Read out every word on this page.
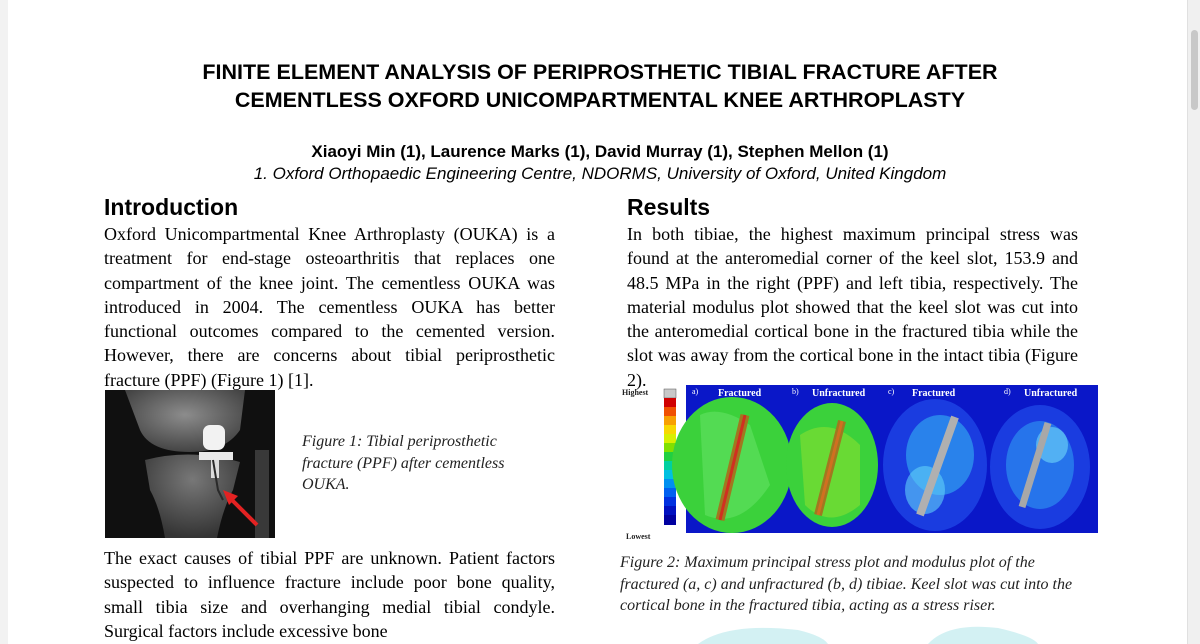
FINITE ELEMENT ANALYSIS OF PERIPROSTHETIC TIBIAL FRACTURE AFTER
CEMENTLESS OXFORD UNICOMPARTMENTAL KNEE ARTHROPLASTY
Xiaoyi Min (1), Laurence Marks (1), David Murray (1), Stephen Mellon (1)
1. Oxford Orthopaedic Engineering Centre, NDORMS, University of Oxford, United Kingdom
Introduction
Oxford Unicompartmental Knee Arthroplasty (OUKA) is a treatment for end-stage osteoarthritis that replaces one compartment of the knee joint. The cementless OUKA was introduced in 2004. The cementless OUKA has better functional outcomes compared to the cemented version. However, there are concerns about tibial periprosthetic fracture (PPF) (Figure 1) [1].
Figure 1: Tibial periprosthetic fracture (PPF) after cementless OUKA.
The exact causes of tibial PPF are unknown. Patient factors suspected to influence fracture include poor bone quality, small tibia size and overhanging medial tibial condyle. Surgical factors include excessive bone
Results
In both tibiae, the highest maximum principal stress was found at the anteromedial corner of the keel slot, 153.9 and 48.5 MPa in the right (PPF) and left tibia, respectively. The material modulus plot showed that the keel slot was cut into the anteromedial cortical bone in the fractured tibia while the slot was away from the cortical bone in the intact tibia (Figure 2).
Highest
Lowest
a) Fractured	b) Unfractured	c) Fractured	d) Unfractured
Figure 2: Maximum principal stress plot and modulus plot of the fractured (a, c) and unfractured (b, d) tibiae. Keel slot was cut into the cortical bone in the fractured tibia, acting as a stress riser.
